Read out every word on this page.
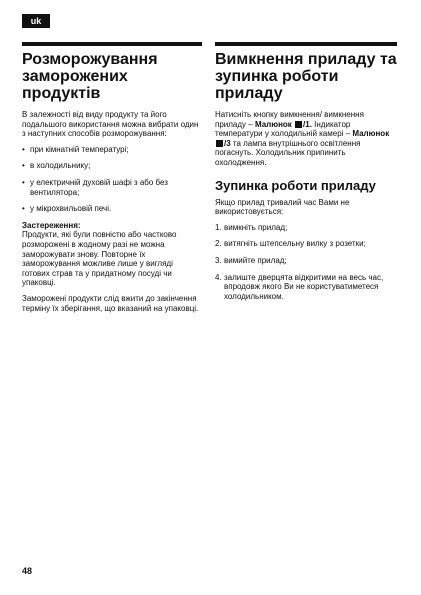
uk
Розморожування заморожених продуктів

В залежності від виду продукту та його подальшого використання можна вибрати один з наступних способів розморожування:

• при кімнатній температурі;
• в холодильнику;
• у електричній духовій шафі з або без вентилятора;
• у мікрохвильовій печі.

Застереження:

Продукти, які були повністю або частково розморожені в жодному разі не можна заморожувати знову. Повторне їх заморожування можливе лише у вигляді готових страв та у придатному посуді чи упаковці.

Заморожені продукти слід вжити до закінчення терміну їх зберігання, що вказаний на упаковці.

Вимкнення приладу та зупинка роботи приладу

Натисніть кнопку вимкнення/ вимкнення приладу – Малюнок /1. Індикатор температури у холодильній камері – Малюнок /3 та лампа внутрішнього освітлення погаснуть. Холодильник припинить охолодження.

Зупинка роботи приладу

Якщо прилад тривалий час Вами не використовується:

1. вимкніть прилад;
2. витягніть штепсельну вилку з розетки;
3. вимийте прилад;
4. залиште дверцята відкритими на весь час, впродовж якого Ви не користуватиметеся холодильником.
48
